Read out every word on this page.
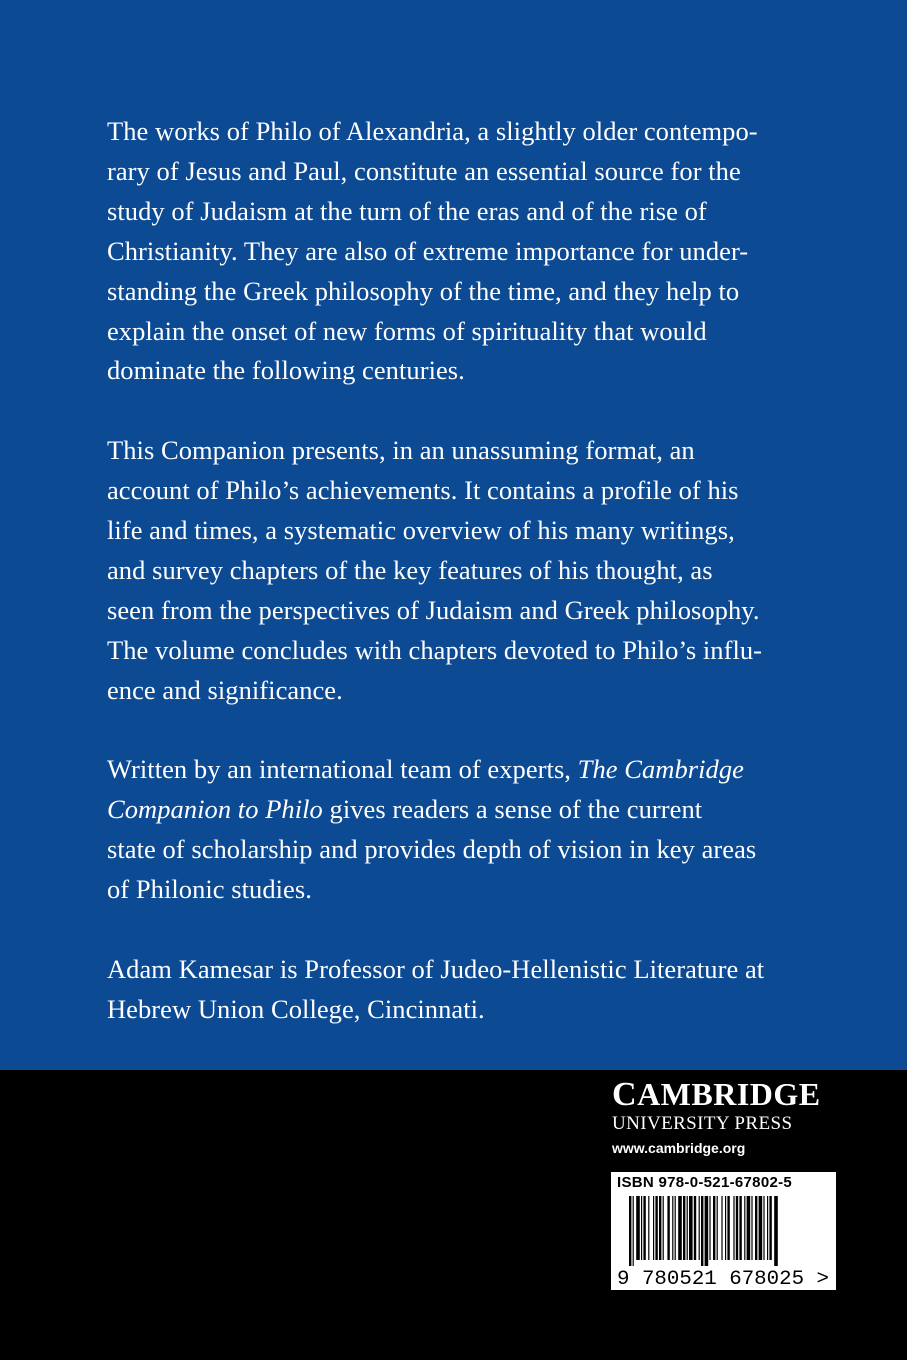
The works of Philo of Alexandria, a slightly older contempo-
rary of Jesus and Paul, constitute an essential source for the
study of Judaism at the turn of the eras and of the rise of
Christianity. They are also of extreme importance for under-
standing the Greek philosophy of the time, and they help to
explain the onset of new forms of spirituality that would
dominate the following centuries.
This Companion presents, in an unassuming format, an
account of Philo’s achievements. It contains a profile of his
life and times, a systematic overview of his many writings,
and survey chapters of the key features of his thought, as
seen from the perspectives of Judaism and Greek philosophy.
The volume concludes with chapters devoted to Philo’s influ-
ence and significance.
Written by an international team of experts, The Cambridge
Companion to Philo gives readers a sense of the current
state of scholarship and provides depth of vision in key areas
of Philonic studies.
Adam Kamesar is Professor of Judeo-Hellenistic Literature at
Hebrew Union College, Cincinnati.
CAMBRIDGE
UNIVERSITY PRESS
www.cambridge.org
ISBN 978-0-521-67802-5
9 780521 678025 >
